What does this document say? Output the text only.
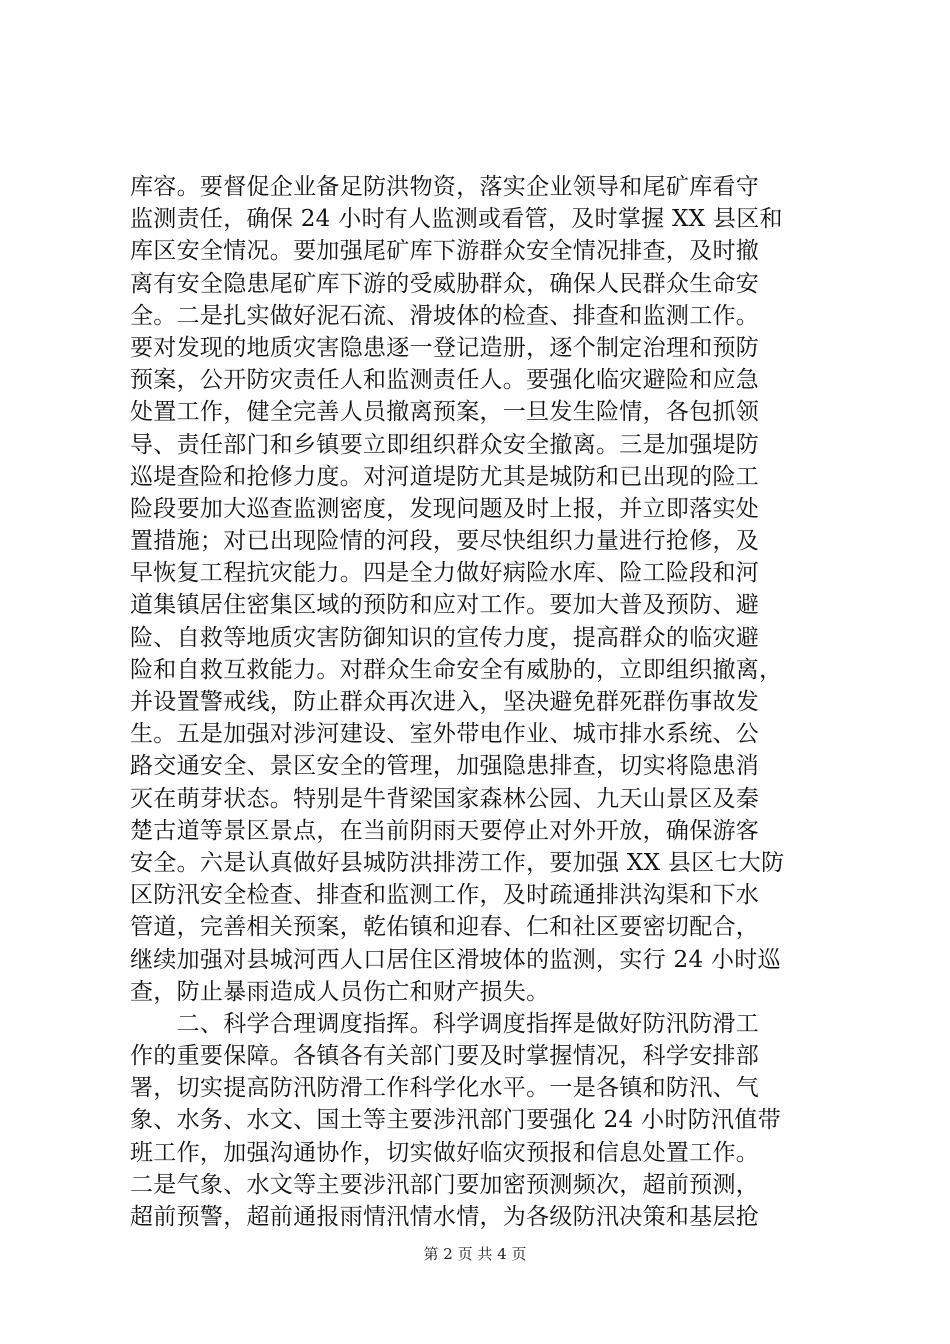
库容。要督促企业备足防洪物资，落实企业领导和尾矿库看守
监测责任，确保 24 小时有人监测或看管，及时掌握 XX 县区和
库区安全情况。要加强尾矿库下游群众安全情况排查，及时撤
离有安全隐患尾矿库下游的受威胁群众，确保人民群众生命安
全。二是扎实做好泥石流、滑坡体的检查、排查和监测工作。
要对发现的地质灾害隐患逐一登记造册，逐个制定治理和预防
预案，公开防灾责任人和监测责任人。要强化临灾避险和应急
处置工作，健全完善人员撤离预案，一旦发生险情，各包抓领
导、责任部门和乡镇要立即组织群众安全撤离。三是加强堤防
巡堤查险和抢修力度。对河道堤防尤其是城防和已出现的险工
险段要加大巡查监测密度，发现问题及时上报，并立即落实处
置措施；对已出现险情的河段，要尽快组织力量进行抢修，及
早恢复工程抗灾能力。四是全力做好病险水库、险工险段和河
道集镇居住密集区域的预防和应对工作。要加大普及预防、避
险、自救等地质灾害防御知识的宣传力度，提高群众的临灾避
险和自救互救能力。对群众生命安全有威胁的，立即组织撤离，
并设置警戒线，防止群众再次进入，坚决避免群死群伤事故发
生。五是加强对涉河建设、室外带电作业、城市排水系统、公
路交通安全、景区安全的管理，加强隐患排查，切实将隐患消
灭在萌芽状态。特别是牛背梁国家森林公园、九天山景区及秦
楚古道等景区景点，在当前阴雨天要停止对外开放，确保游客
安全。六是认真做好县城防洪排涝工作，要加强 XX 县区七大防
区防汛安全检查、排查和监测工作，及时疏通排洪沟渠和下水
管道，完善相关预案，乾佑镇和迎春、仁和社区要密切配合，
继续加强对县城河西人口居住区滑坡体的监测，实行 24 小时巡
查，防止暴雨造成人员伤亡和财产损失。
　　二、科学合理调度指挥。科学调度指挥是做好防汛防滑工
作的重要保障。各镇各有关部门要及时掌握情况，科学安排部
署，切实提高防汛防滑工作科学化水平。一是各镇和防汛、气
象、水务、水文、国土等主要涉汛部门要强化 24 小时防汛值带
班工作，加强沟通协作，切实做好临灾预报和信息处置工作。
二是气象、水文等主要涉汛部门要加密预测频次，超前预测，
超前预警，超前通报雨情汛情水情，为各级防汛决策和基层抢
第 2 页 共 4 页
